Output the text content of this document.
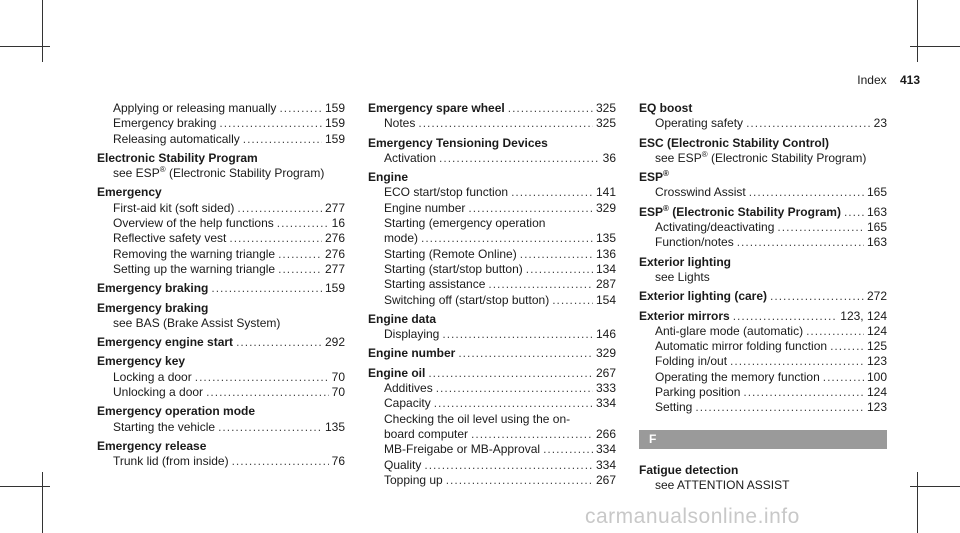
Index 413
Applying or releasing manually .....	159
Emergency braking .....	159
Releasing automatically .....	159
Electronic Stability Program
see ESP® (Electronic Stability Program)
Emergency
First-aid kit (soft sided) .....	277
Overview of the help functions .....	16
Reflective safety vest .....	276
Removing the warning triangle .....	276
Setting up the warning triangle .....	277
Emergency braking .....	159
Emergency braking
see BAS (Brake Assist System)
Emergency engine start .....	292
Emergency key
Locking a door .....	70
Unlocking a door .....	70
Emergency operation mode
Starting the vehicle .....	135
Emergency release
Trunk lid (from inside) .....	76
Emergency spare wheel .....	325
Notes .....	325
Emergency Tensioning Devices
Activation .....	36
Engine
ECO start/stop function .....	141
Engine number .....	329
Starting (emergency operation
mode) .....	135
Starting (Remote Online) .....	136
Starting (start/stop button) .....	134
Starting assistance .....	287
Switching off (start/stop button) .....	154
Engine data
Displaying .....	146
Engine number .....	329
Engine oil .....	267
Additives .....	333
Capacity .....	334
Checking the oil level using the on-
board computer .....	266
MB-Freigabe or MB-Approval .....	334
Quality .....	334
Topping up .....	267
EQ boost
Operating safety .....	23
ESC (Electronic Stability Control)
see ESP® (Electronic Stability Program)
ESP®
Crosswind Assist .....	165
ESP® (Electronic Stability Program) ..... 163
Activating/deactivating .....	165
Function/notes .....	163
Exterior lighting
see Lights
Exterior lighting (care) .....	272
Exterior mirrors .....	123, 124
Anti-glare mode (automatic) .....	124
Automatic mirror folding function .....	125
Folding in/out .....	123
Operating the memory function .....	100
Parking position .....	124
Setting .....	123
F
Fatigue detection
see ATTENTION ASSIST
carmanualsonline.info
